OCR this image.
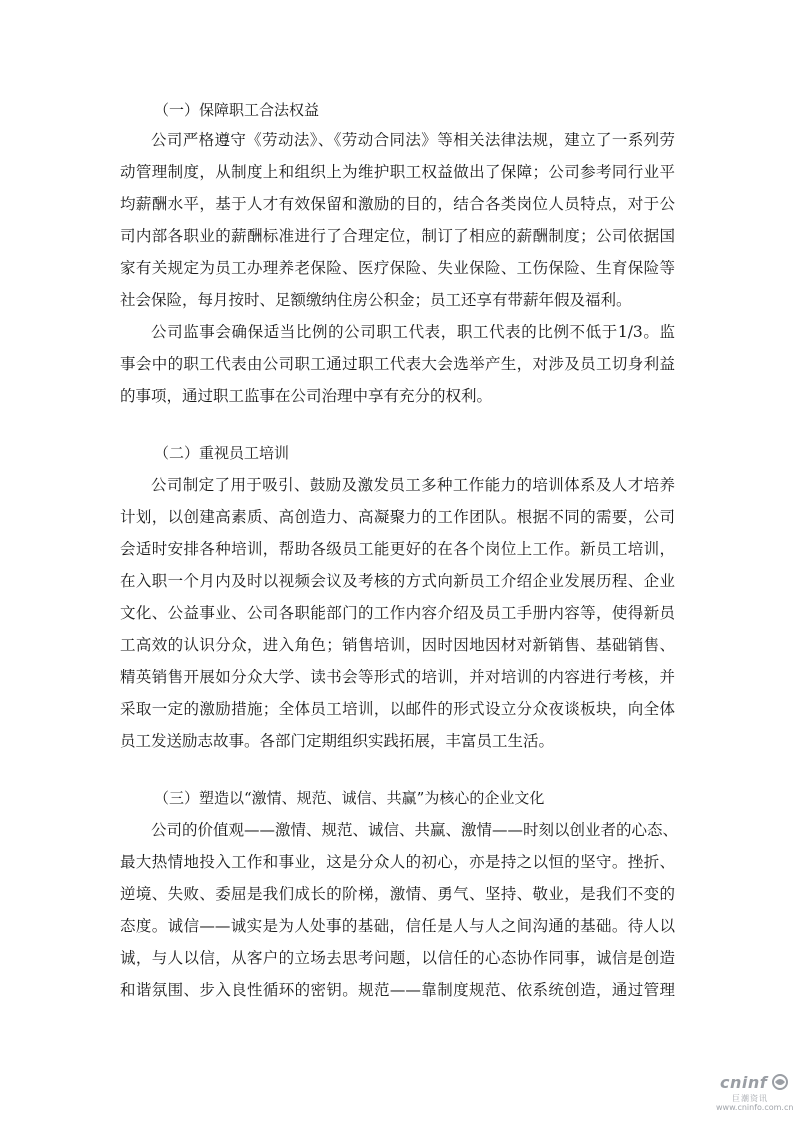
（一）保障职工合法权益
公司严格遵守《劳动法》、《劳动合同法》等相关法律法规，建立了一系列劳
动管理制度，从制度上和组织上为维护职工权益做出了保障；公司参考同行业平
均薪酬水平，基于人才有效保留和激励的目的，结合各类岗位人员特点，对于公
司内部各职业的薪酬标准进行了合理定位，制订了相应的薪酬制度；公司依据国
家有关规定为员工办理养老保险、医疗保险、失业保险、工伤保险、生育保险等
社会保险，每月按时、足额缴纳住房公积金；员工还享有带薪年假及福利。
公司监事会确保适当比例的公司职工代表，职工代表的比例不低于1/3。监
事会中的职工代表由公司职工通过职工代表大会选举产生，对涉及员工切身利益
的事项，通过职工监事在公司治理中享有充分的权利。
（二）重视员工培训
公司制定了用于吸引、鼓励及激发员工多种工作能力的培训体系及人才培养
计划，以创建高素质、高创造力、高凝聚力的工作团队。根据不同的需要，公司
会适时安排各种培训，帮助各级员工能更好的在各个岗位上工作。新员工培训，
在入职一个月内及时以视频会议及考核的方式向新员工介绍企业发展历程、企业
文化、公益事业、公司各职能部门的工作内容介绍及员工手册内容等，使得新员
工高效的认识分众，进入角色；销售培训，因时因地因材对新销售、基础销售、
精英销售开展如分众大学、读书会等形式的培训，并对培训的内容进行考核，并
采取一定的激励措施；全体员工培训，以邮件的形式设立分众夜谈板块，向全体
员工发送励志故事。各部门定期组织实践拓展，丰富员工生活。
（三）塑造以“激情、规范、诚信、共赢”为核心的企业文化
公司的价值观——激情、规范、诚信、共赢、激情——时刻以创业者的心态、
最大热情地投入工作和事业，这是分众人的初心，亦是持之以恒的坚守。挫折、
逆境、失败、委屈是我们成长的阶梯，激情、勇气、坚持、敬业，是我们不变的
态度。诚信——诚实是为人处事的基础，信任是人与人之间沟通的基础。待人以
诚，与人以信，从客户的立场去思考问题，以信任的心态协作同事，诚信是创造
和谐氛围、步入良性循环的密钥。规范——靠制度规范、依系统创造，通过管理
cninf
巨潮资讯
www.cninfo.com.cn
